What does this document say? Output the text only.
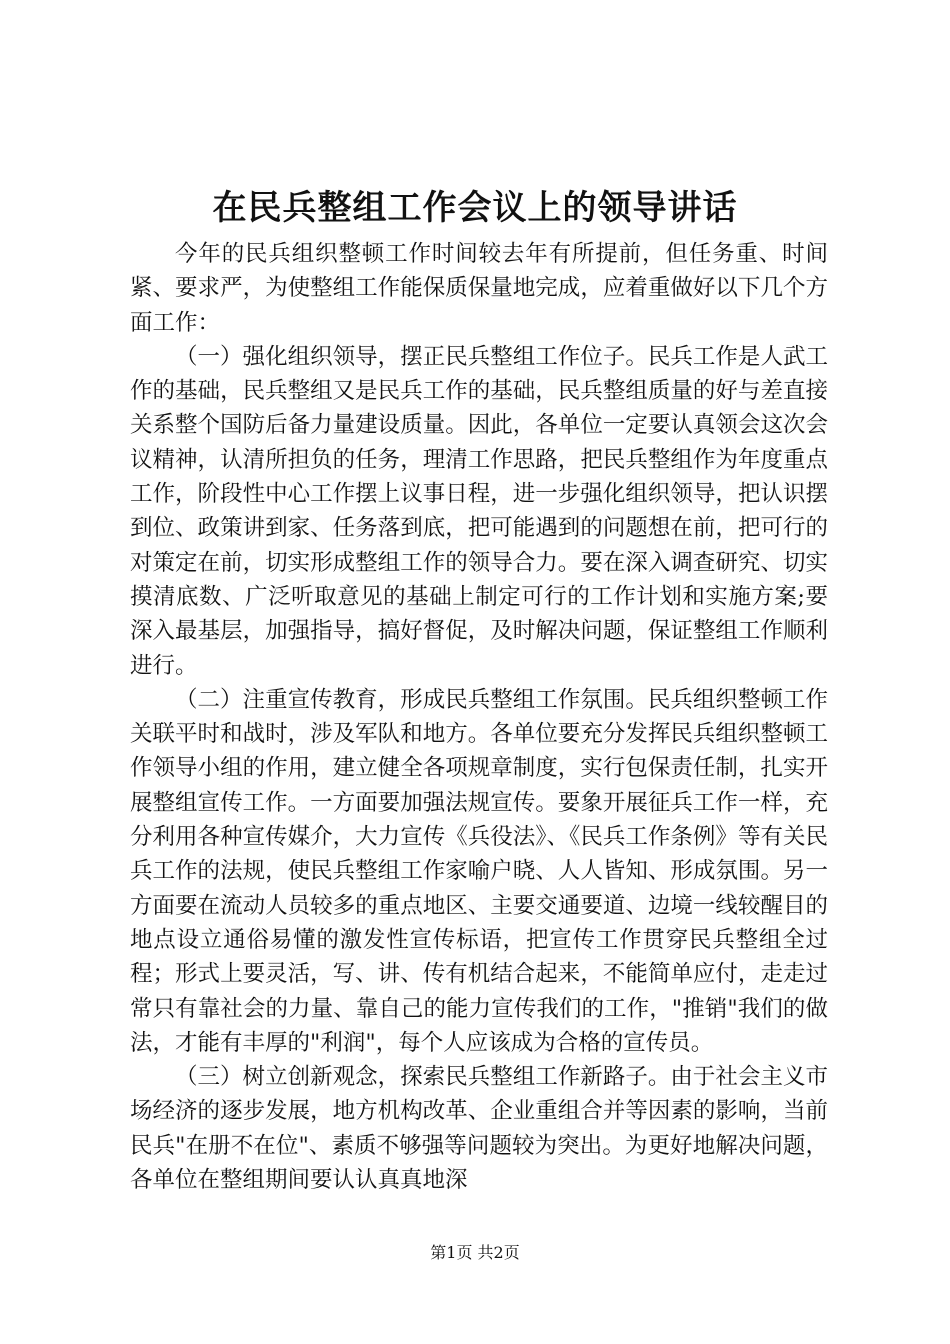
在民兵整组工作会议上的领导讲话

今年的民兵组织整顿工作时间较去年有所提前，但任务重、时间紧、要求严，为使整组工作能保质保量地完成，应着重做好以下几个方面工作：

（一）强化组织领导，摆正民兵整组工作位子。民兵工作是人武工作的基础，民兵整组又是民兵工作的基础，民兵整组质量的好与差直接关系整个国防后备力量建设质量。因此，各单位一定要认真领会这次会议精神，认清所担负的任务，理清工作思路，把民兵整组作为年度重点工作，阶段性中心工作摆上议事日程，进一步强化组织领导，把认识摆到位、政策讲到家、任务落到底，把可能遇到的问题想在前，把可行的对策定在前，切实形成整组工作的领导合力。要在深入调查研究、切实摸清底数、广泛听取意见的基础上制定可行的工作计划和实施方案;要深入最基层，加强指导，搞好督促，及时解决问题，保证整组工作顺利进行。

（二）注重宣传教育，形成民兵整组工作氛围。民兵组织整顿工作关联平时和战时，涉及军队和地方。各单位要充分发挥民兵组织整顿工作领导小组的作用，建立健全各项规章制度，实行包保责任制，扎实开展整组宣传工作。一方面要加强法规宣传。要象开展征兵工作一样，充分利用各种宣传媒介，大力宣传《兵役法》、《民兵工作条例》等有关民兵工作的法规，使民兵整组工作家喻户晓、人人皆知、形成氛围。另一方面要在流动人员较多的重点地区、主要交通要道、边境一线较醒目的地点设立通俗易懂的激发性宣传标语，把宣传工作贯穿民兵整组全过程；形式上要灵活，写、讲、传有机结合起来，不能简单应付，走走过常只有靠社会的力量、靠自己的能力宣传我们的工作，"推销"我们的做法，才能有丰厚的"利润"，每个人应该成为合格的宣传员。

（三）树立创新观念，探索民兵整组工作新路子。由于社会主义市场经济的逐步发展，地方机构改革、企业重组合并等因素的影响，当前民兵"在册不在位"、素质不够强等问题较为突出。为更好地解决问题，各单位在整组期间要认认真真地深

第1页 共2页
